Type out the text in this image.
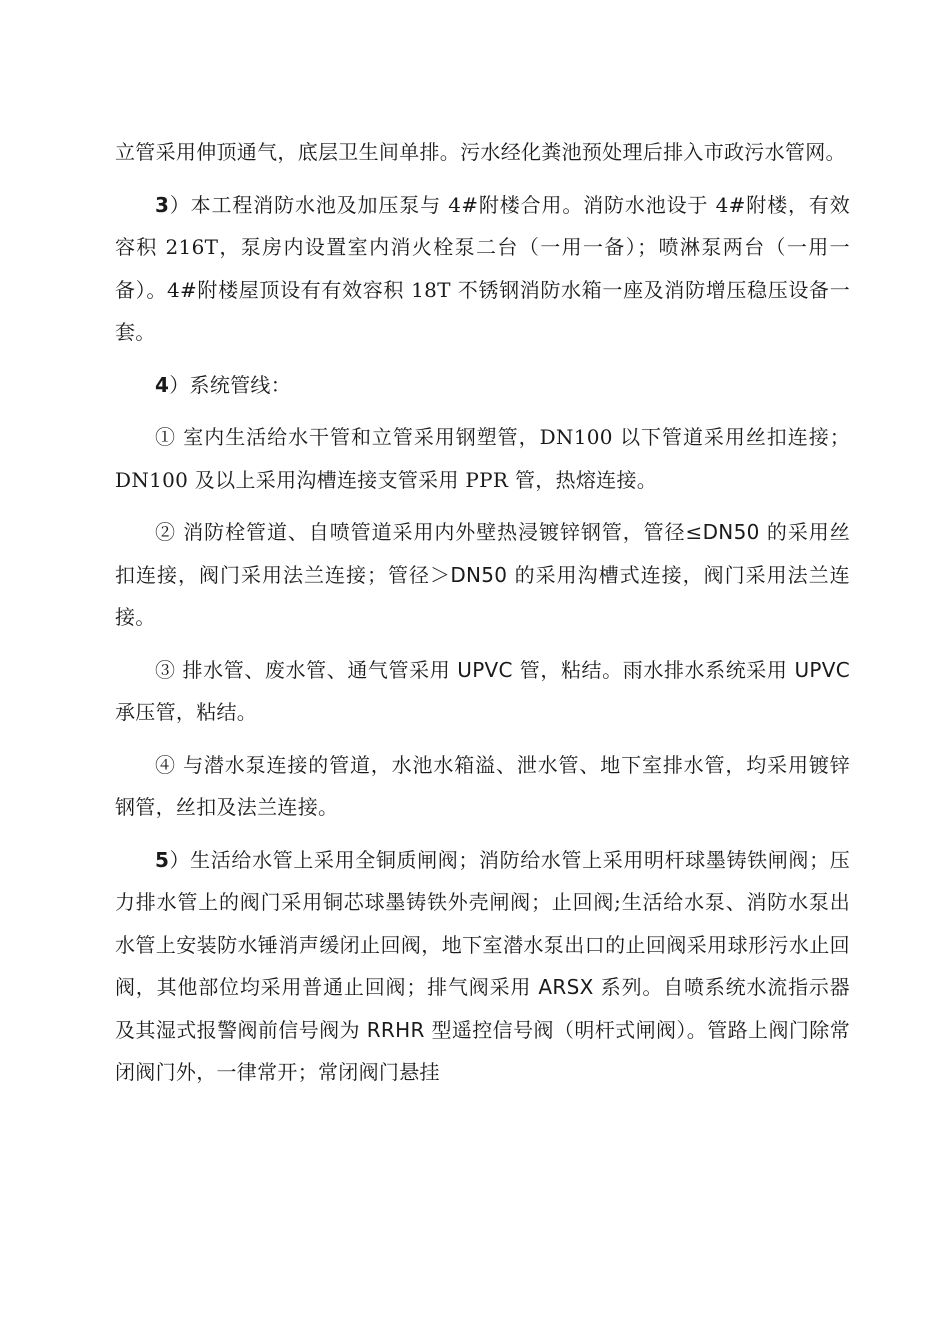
立管采用伸顶通气，底层卫生间单排。污水经化粪池预处理后排入市政污水管网。

3）本工程消防水池及加压泵与 4#附楼合用。消防水池设于 4#附楼，有效容积 216T，泵房内设置室内消火栓泵二台（一用一备）；喷淋泵两台（一用一备）。4#附楼屋顶设有有效容积 18T 不锈钢消防水箱一座及消防增压稳压设备一套。

4）系统管线：

① 室内生活给水干管和立管采用钢塑管，DN100 以下管道采用丝扣连接；DN100 及以上采用沟槽连接支管采用 PPR 管，热熔连接。

② 消防栓管道、自喷管道采用内外壁热浸镀锌钢管，管径≤DN50 的采用丝扣连接，阀门采用法兰连接；管径＞DN50 的采用沟槽式连接，阀门采用法兰连接。

③ 排水管、废水管、通气管采用 UPVC 管，粘结。雨水排水系统采用 UPVC 承压管，粘结。

④ 与潜水泵连接的管道，水池水箱溢、泄水管、地下室排水管，均采用镀锌钢管，丝扣及法兰连接。

5）生活给水管上采用全铜质闸阀；消防给水管上采用明杆球墨铸铁闸阀；压力排水管上的阀门采用铜芯球墨铸铁外壳闸阀；止回阀;生活给水泵、消防水泵出水管上安装防水锤消声缓闭止回阀，地下室潜水泵出口的止回阀采用球形污水止回阀，其他部位均采用普通止回阀；排气阀采用 ARSX 系列。自喷系统水流指示器及其湿式报警阀前信号阀为 RRHR 型遥控信号阀（明杆式闸阀）。管路上阀门除常闭阀门外，一律常开；常闭阀门悬挂
